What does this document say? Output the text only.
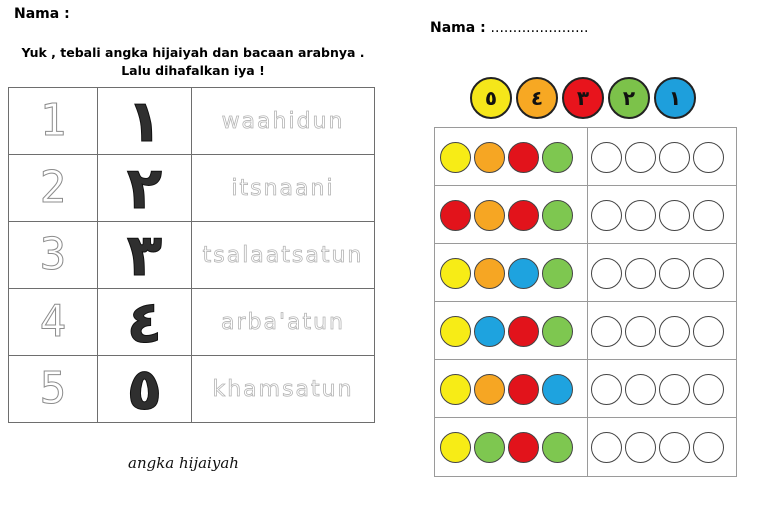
Nama :
Yuk , tebali angka hijaiyah dan bacaan arabnya .
Lalu dihafalkan iya !
1	١	waahidun
2	٢	itsnaani
3	٣	tsalaatsatun
4	٤	arba'atun
5	٥	khamsatun
angka hijaiyah
Nama : ......................
٥	٤	٣	٢	١
